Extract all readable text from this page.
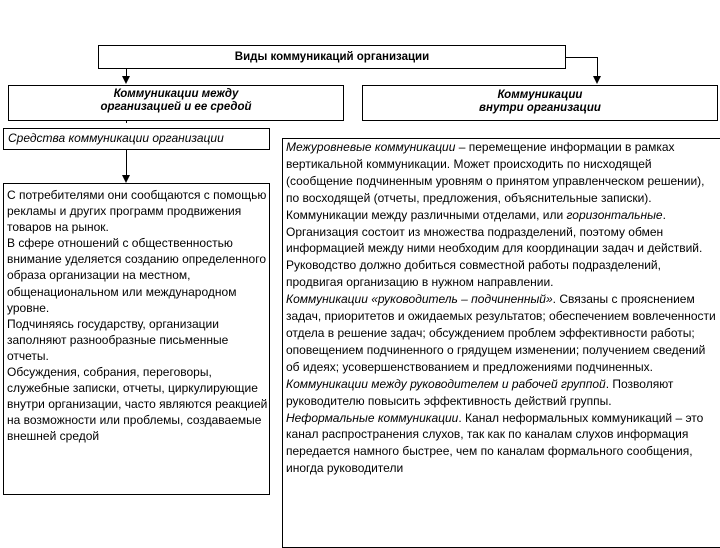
Виды коммуникаций организации
Коммуникации между
организацией и ее средой
Коммуникации
внутри организации
Средства коммуникации организации

С потребителями они сообщаются с помощью рекламы и других программ продвижения товаров на рынок.

В сфере отношений с общественностью внимание уделяется созданию определенного образа организации на местном, общенациональном или международном уровне.

Подчиняясь государству, организации заполняют разнообразные письменные отчеты.

Обсуждения, собрания, переговоры, служебные записки, отчеты, циркулирующие внутри организации, часто являются реакцией на возможности или проблемы, создаваемые внешней средой

Межуровневые коммуникации – перемещение информации в рамках вертикальной коммуникации. Может происходить по нисходящей (сообщение подчиненным уровням о принятом управленческом решении), по восходящей (отчеты, предложения, объяснительные записки).

Коммуникации между различными отделами, или горизонтальные. Организация состоит из множества подразделений, поэтому обмен информацией между ними необходим для координации задач и действий. Руководство должно добиться совместной работы подразделений, продвигая организацию в нужном направлении.

Коммуникации «руководитель – подчиненный». Связаны с прояснением задач, приоритетов и ожидаемых результатов; обеспечением вовлеченности отдела в решение задач; обсуждением проблем эффективности работы; оповещением подчиненного о грядущем изменении; получением сведений об идеях; усовершенствованием и предложениями подчиненных.

Коммуникации между руководителем и рабочей группой. Позволяют руководителю повысить эффективность действий группы.

Неформальные коммуникации. Канал неформальных коммуникаций – это канал распространения слухов, так как по каналам слухов информация передается намного быстрее, чем по каналам формального сообщения, иногда руководители
